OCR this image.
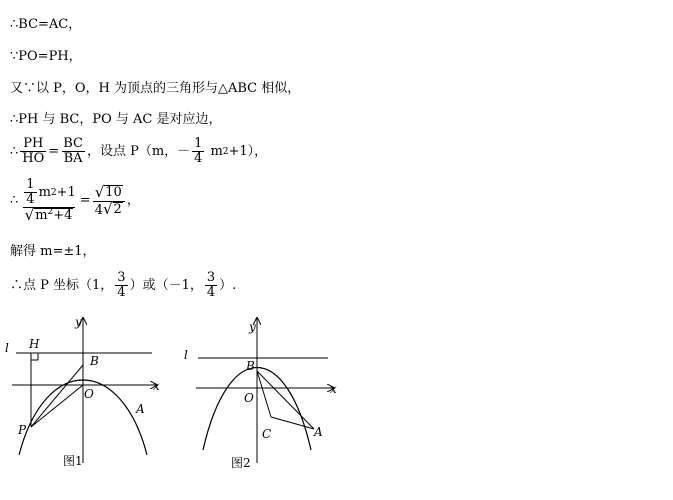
∴BC=AC，
∵PO=PH，
又∵以 P，O，H 为顶点的三角形与△ABC 相似，
∴PH 与 BC，PO 与 AC 是对应边，
∴ $\frac{PH}{HO} = \frac{BC}{BA}$ ，设点 P（m，－ $\frac{1}{4}$ m 2 +1），
∴ $\frac{\frac{1}{4} m 2 +1}{√ m^2+4} = \frac{√ 10}{4 √ 2}$ ，
解得 m=±1，
∴点 P 坐标（1， $\frac{3}{4}$ ）或（－1， $\frac{3}{4}$ ）.
y
l H
B
O
x
A
P
图1
y
l
B
O
x
C	A
图2
